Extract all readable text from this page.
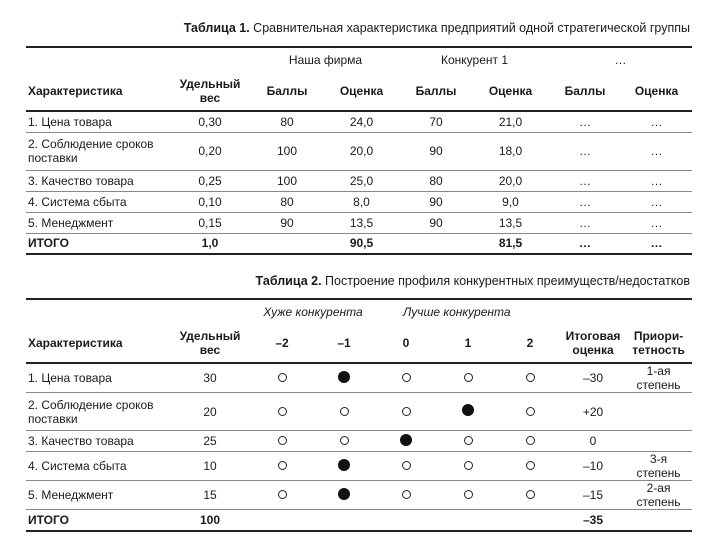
Таблица 1. Сравнительная характеристика предприятий одной стратегической группы
		Наша фирма		Конкурент 1		…	
Характеристика	Удельный вес	Баллы	Оценка	Баллы	Оценка	Баллы	Оценка
1. Цена товара	0,30	80	24,0	70	21,0	…	…
2. Соблюдение сроков поставки	0,20	100	20,0	90	18,0	…	…
3. Качество товара	0,25	100	25,0	80	20,0	…	…
4. Система сбыта	0,10	80	8,0	90	9,0	…	…
5. Менеджмент	0,15	90	13,5	90	13,5	…	…
ИТОГО	1,0		90,5		81,5	…	…
Таблица 2. Построение профиля конкурентных преимуществ/недостатков
		Хуже конкурента		Лучше конкурента				
Характеристика	Удельный вес	–2	–1	0	1	2	Итоговая оценка	Приори-тетность
1. Цена товара	30						–30	1-ая степень
2. Соблюдение сроков поставки	20						+20	
3. Качество товара	25						0	
4. Система сбыта	10						–10	3-я степень
5. Менеджмент	15						–15	2-ая степень
ИТОГО	100						–35	
